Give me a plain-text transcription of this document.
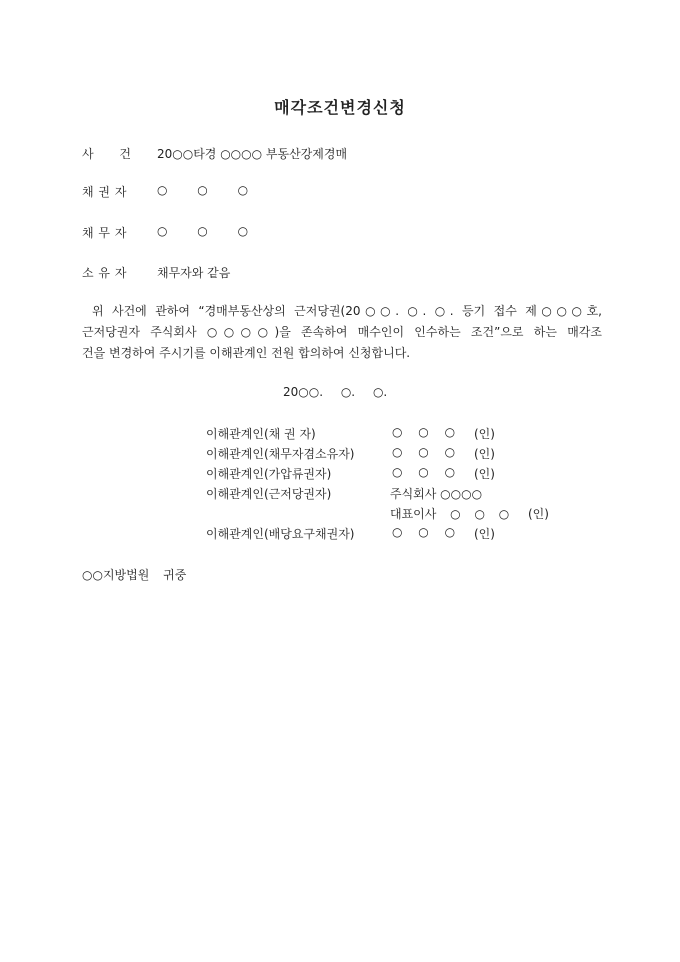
매각조건변경신청
사 건 20○○타경 ○○○○ 부동산강제경매
채 권 자	○ ○ ○
채 무 자	○ ○ ○
소 유 자	채무자와 같음
위 사건에 관하여 “경매부동산상의 근저당권(20○○. ○. ○. 등기 접수 제○○○호,
근저당권자 주식회사 ○○○○)을 존속하여 매수인이 인수하는 조건”으로 하는 매각조
건을 변경하여 주시기를 이해관계인 전원 합의하여 신청합니다.
20○○. ○. ○.
이해관계인(채 권 자)	○ ○ ○ (인)
이해관계인(채무자겸소유자)	○ ○ ○ (인)
이해관계인(가압류권자)	○ ○ ○ (인)
이해관계인(근저당권자)	주식회사 ○○○○
대표이사 ○ ○ ○ (인)
이해관계인(배당요구채권자)	○ ○ ○ (인)
○○지방법원 귀중
